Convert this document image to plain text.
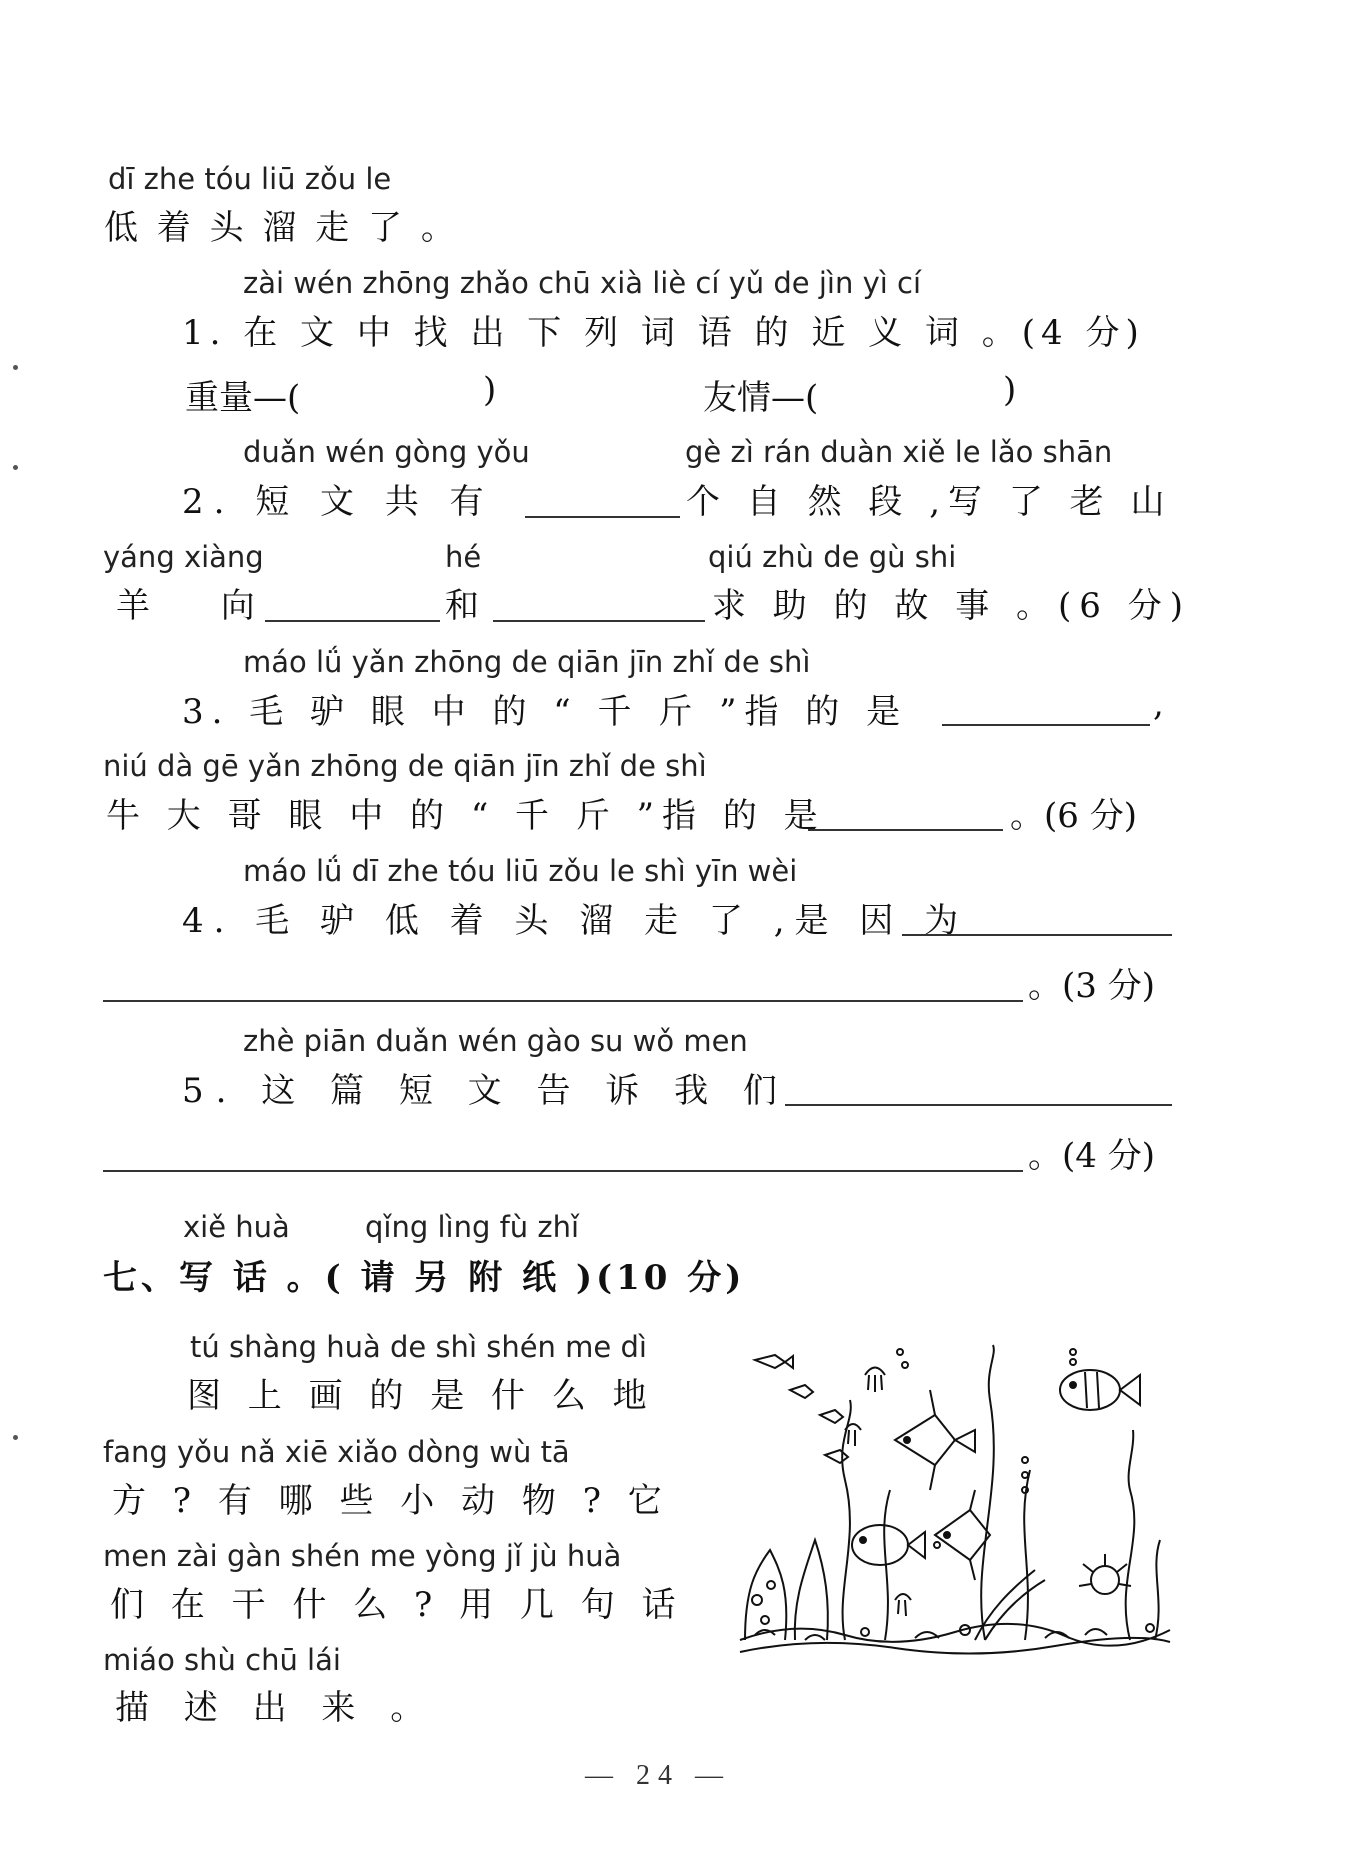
dī zhe tóu liū zǒu le
低 着 头 溜 走 了 。
zài wén zhōng zhǎo chū xià liè cí yǔ de jìn yì cí
1. 在 文 中 找 出 下 列 词 语 的 近 义 词 。(4 分)
重量—(	)	友情—(	)
duǎn wén gòng yǒu	gè zì rán duàn xiě le lǎo shān
2. 短 文 共 有	个 自 然 段 ,写 了 老 山
yáng xiàng	hé	qiú zhù de gù shi
羊 向	和	求 助 的 故 事 。(6 分)
máo lǘ yǎn zhōng de qiān jīn zhǐ de shì
3. 毛 驴 眼 中 的 “ 千 斤 ”指 的 是	,
niú dà gē yǎn zhōng de qiān jīn zhǐ de shì
牛 大 哥 眼 中 的 “ 千 斤 ”指 的 是	。(6 分)
máo lǘ dī zhe tóu liū zǒu le shì yīn wèi
4. 毛 驴 低 着 头 溜 走 了 ,是 因 为
。(3 分)
zhè piān duǎn wén gào su wǒ men
5. 这 篇 短 文 告 诉 我 们
。(4 分)
xiě huà	qǐng lìng fù zhǐ
七、写 话 。( 请 另 附 纸 )(10 分)
tú shàng huà de shì shén me dì
图 上 画 的 是 什 么 地
fang yǒu nǎ xiē xiǎo dòng wù tā
方 ? 有 哪 些 小 动 物 ? 它
men zài gàn shén me yòng jǐ jù huà
们 在 干 什 么 ? 用 几 句 话
miáo shù chū lái
描 述 出 来 。
— 24 —
